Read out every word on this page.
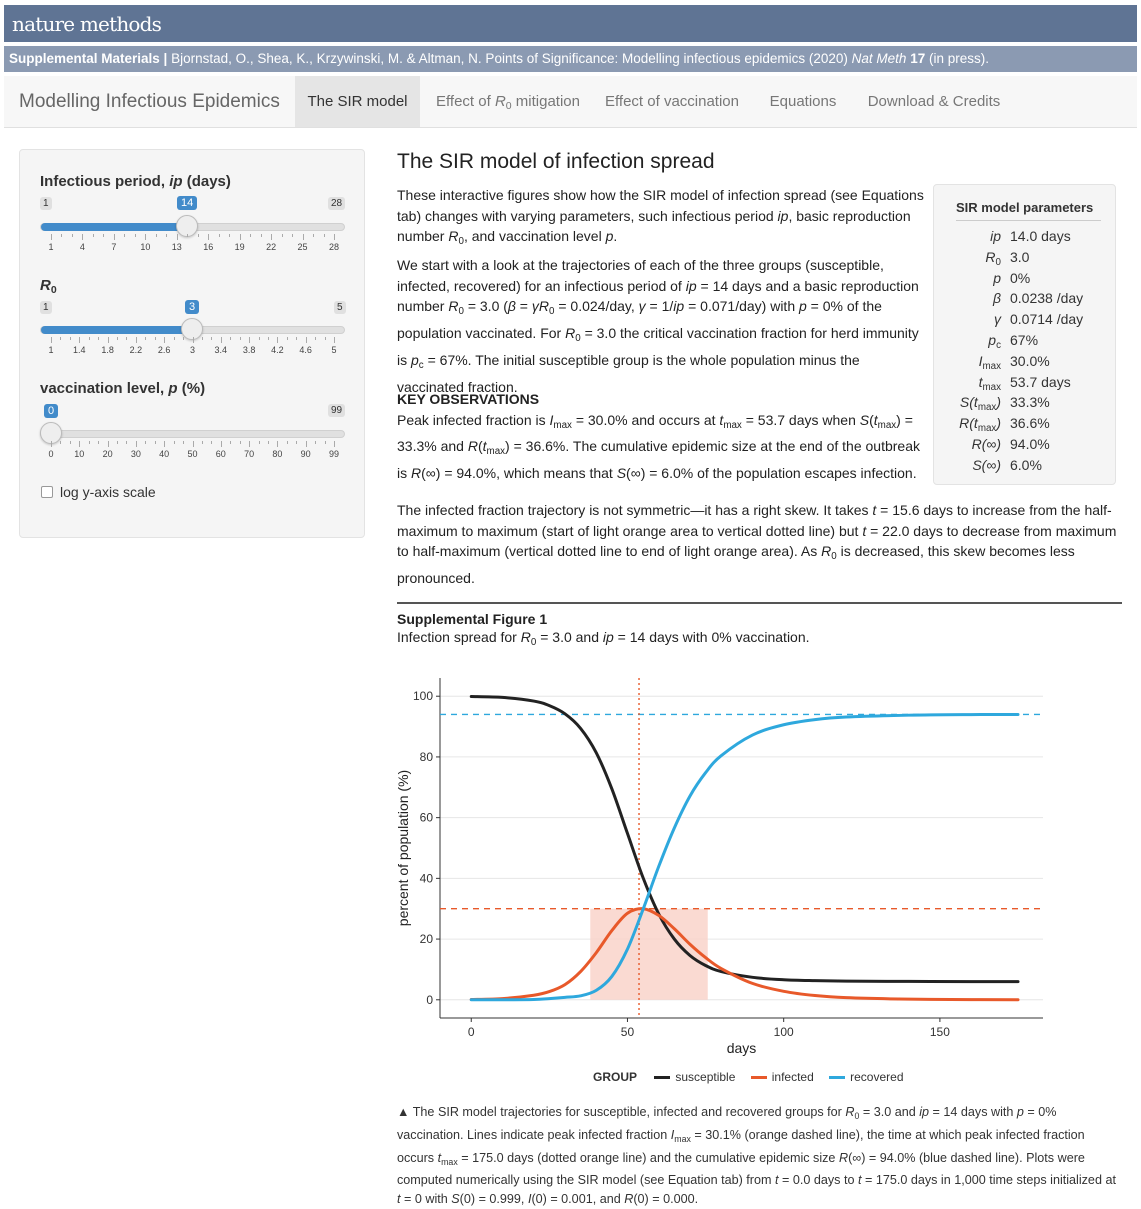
nature methods
Supplemental Materials | Bjornstad, O., Shea, K., Krzywinski, M. & Altman, N. Points of Significance: Modelling infectious epidemics (2020) Nat Meth 17 (in press).
Modelling Infectious Epidemics	The SIR model	Effect of $R_0$ mitigation	Effect of vaccination	Equations	Download & Credits
Infectious period, ip (days)
1	28
14
1	4	7	10 13 16 19 22 25 28
$R_0$
1	5
3
1 1.4 1.8 2.2 2.6 3 3.4 3.8 4.2 4.6 5
vaccination level, p (%)
0	99
0 10 20 30 40 50 60 70 80 90 99
log y-axis scale
The SIR model of infection spread
These interactive figures show how the SIR model of infection spread (see Equations tab) changes with varying parameters, such infectious period ip, basic reproduction number $R_0$, and vaccination level p.
We start with a look at the trajectories of each of the three groups (susceptible, infected, recovered) for an infectious period of ip = 14 days and a basic reproduction number $R_0 = 3.0$ ($\beta = \gamma R_0 = 0.024/day$, γ = 1/ip = 0.071/day) with p = 0% of the population vaccinated. For $R_0 = 3.0$ the critical vaccination fraction for herd immunity is $p_c = 67\%$. The initial susceptible group is the whole population minus the vaccinated fraction.
KEY OBSERVATIONS
Peak infected fraction is $I_{max} = 30.0\%$ and occurs at $t_{max} = 53.7$ days when $S(t_{max}) = 33.3\%$ and $R(t_{max}) = 36.6\%$. The cumulative epidemic size at the end of the outbreak is R(∞) = 94.0%, which means that S(∞) = 6.0% of the population escapes infection.
The infected fraction trajectory is not symmetric—it has a right skew. It takes t = 15.6 days to increase from the half-maximum to maximum (start of light orange area to vertical dotted line) but t = 22.0 days to decrease from maximum to half-maximum (vertical dotted line to end of light orange area). As $R_0$ is decreased, this skew becomes less pronounced.
SIR model parameters
ip 14.0 days
$R_0$ 3.0
p 0%
β 0.0238 /day
γ 0.0714 /day
$p_c$ 67%
$I_{max}$ 30.0%
$t_{max}$ 53.7 days
$S(t_{max})$ 33.3%
$R(t_{max})$ 36.6%
R(∞) 94.0%
S(∞) 6.0%
Supplemental Figure 1
Infection spread for $R_0 = 3.0$ and ip = 14 days with 0% vaccination.
0
20
40
60
80
100
0	50	100	150
days
percent of population (%)
GROUP	susceptible	infected	recovered
▲ The SIR model trajectories for susceptible, infected and recovered groups for $R_0 = 3.0$ and ip = 14 days with p = 0% vaccination. Lines indicate peak infected fraction $I_{max} = 30.1\%$ (orange dashed line), the time at which peak infected fraction occurs $t_{max} = 175.0$ days (dotted orange line) and the cumulative epidemic size R(∞) = 94.0% (blue dashed line). Plots were computed numerically using the SIR model (see Equation tab) from t = 0.0 days to t = 175.0 days in 1,000 time steps initialized at t = 0 with S(0) = 0.999, I(0) = 0.001, and R(0) = 0.000.
